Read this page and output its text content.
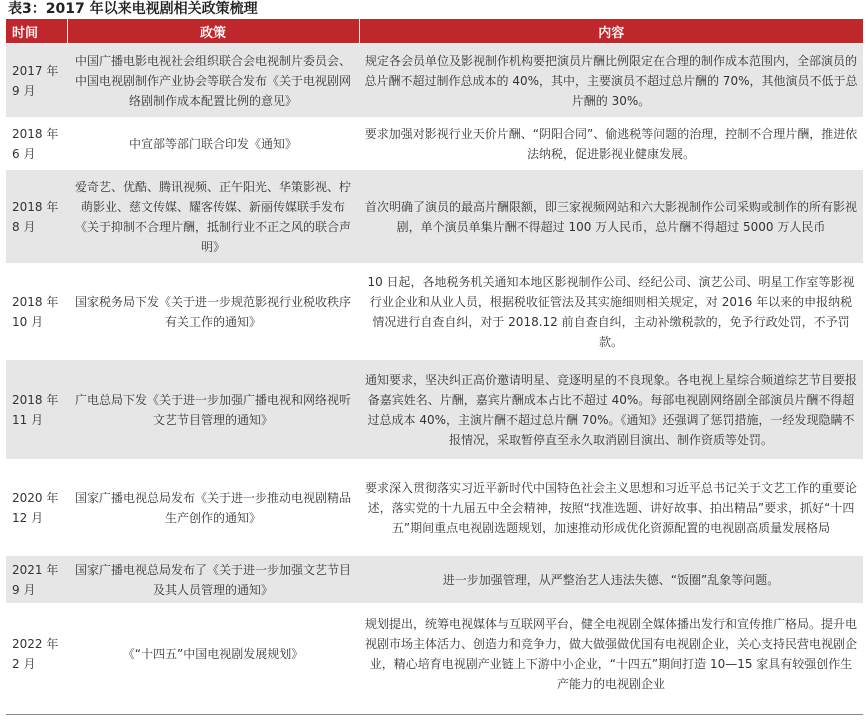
表3：2017 年以来电视剧相关政策梳理
时间	政策	内容
2017 年 9 月	中国广播电影电视社会组织联合会电视制片委员会、中国电视剧制作产业协会等联合发布《关于电视剧网络剧制作成本配置比例的意见》	规定各会员单位及影视制作机构要把演员片酬比例限定在合理的制作成本范围内，全部演员的总片酬不超过制作总成本的 40%，其中，主要演员不超过总片酬的 70%，其他演员不低于总片酬的 30%。
2018 年 6 月	中宣部等部门联合印发《通知》	要求加强对影视行业天价片酬、“阴阳合同”、偷逃税等问题的治理，控制不合理片酬，推进依法纳税，促进影视业健康发展。
2018 年 8 月	爱奇艺、优酷、腾讯视频、正午阳光、华策影视、柠萌影业、慈文传媒、耀客传媒、新丽传媒联手发布《关于抑制不合理片酬，抵制行业不正之风的联合声明》	首次明确了演员的最高片酬限额，即三家视频网站和六大影视制作公司采购或制作的所有影视剧，单个演员单集片酬不得超过 100 万人民币，总片酬不得超过 5000 万人民币
2018 年 10 月	国家税务局下发《关于进一步规范影视行业税收秩序有关工作的通知》	10 日起，各地税务机关通知本地区影视制作公司、经纪公司、演艺公司、明星工作室等影视行业企业和从业人员，根据税收征管法及其实施细则相关规定，对 2016 年以来的申报纳税情况进行自查自纠，对于 2018.12 前自查自纠，主动补缴税款的，免予行政处罚，不予罚款。
2018 年 11 月	广电总局下发《关于进一步加强广播电视和网络视听文艺节目管理的通知》	通知要求，坚决纠正高价邀请明星、竞逐明星的不良现象。各电视上星综合频道综艺节目要报备嘉宾姓名、片酬，嘉宾片酬成本占比不超过 40%。每部电视剧网络剧全部演员片酬不得超过总成本 40%，主演片酬不超过总片酬 70%。《通知》还强调了惩罚措施，一经发现隐瞒不报情况，采取暂停直至永久取消剧目演出、制作资质等处罚。
2020 年 12 月	国家广播电视总局发布《关于进一步推动电视剧精品生产创作的通知》	要求深入贯彻落实习近平新时代中国特色社会主义思想和习近平总书记关于文艺工作的重要论述，落实党的十九届五中全会精神，按照“找准选题、讲好故事、拍出精品”要求，抓好“十四五”期间重点电视剧选题规划，加速推动形成优化资源配置的电视剧高质量发展格局
2021 年 9 月	国家广播电视总局发布了《关于进一步加强文艺节目及其人员管理的通知》	进一步加强管理，从严整治艺人违法失德、“饭圈”乱象等问题。
2022 年 2 月	《“十四五”中国电视剧发展规划》	规划提出，统筹电视媒体与互联网平台，健全电视剧全媒体播出发行和宣传推广格局。提升电视剧市场主体活力、创造力和竞争力，做大做强做优国有电视剧企业，关心支持民营电视剧企业，精心培育电视剧产业链上下游中小企业，“十四五”期间打造 10—15 家具有较强创作生产能力的电视剧企业
